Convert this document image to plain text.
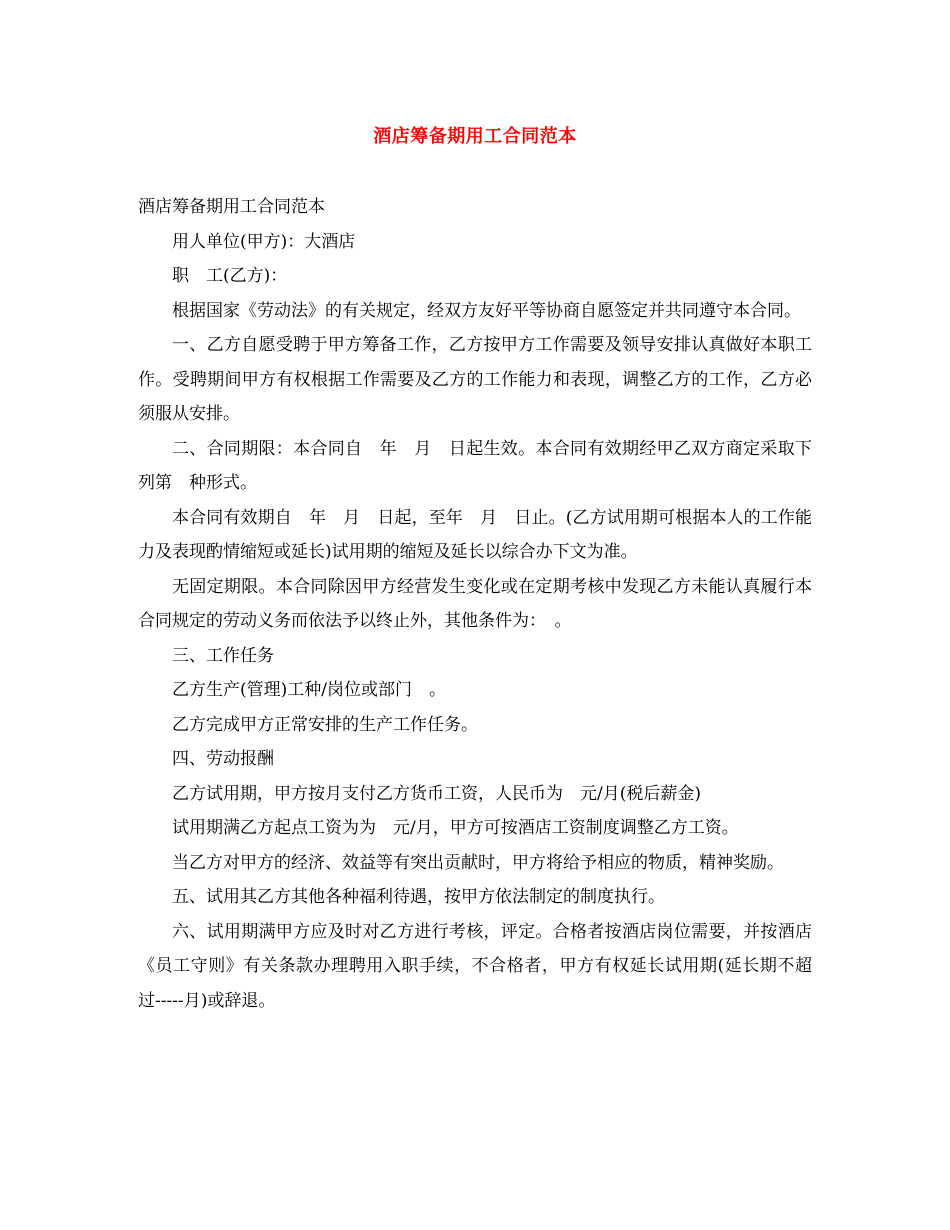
酒店筹备期用工合同范本

酒店筹备期用工合同范本

用人单位(甲方)：大酒店

职　工(乙方)：

根据国家《劳动法》的有关规定，经双方友好平等协商自愿签定并共同遵守本合同。

一、乙方自愿受聘于甲方筹备工作，乙方按甲方工作需要及领导安排认真做好本职工作。受聘期间甲方有权根据工作需要及乙方的工作能力和表现，调整乙方的工作，乙方必须服从安排。

二、合同期限：本合同自　年　月　日起生效。本合同有效期经甲乙双方商定采取下列第　种形式。

本合同有效期自　年　月　日起，至年　月　日止。(乙方试用期可根据本人的工作能力及表现酌情缩短或延长)试用期的缩短及延长以综合办下文为准。

无固定期限。本合同除因甲方经营发生变化或在定期考核中发现乙方未能认真履行本合同规定的劳动义务而依法予以终止外，其他条件为：　。

三、工作任务

乙方生产(管理)工种/岗位或部门　。

乙方完成甲方正常安排的生产工作任务。

四、劳动报酬

乙方试用期，甲方按月支付乙方货币工资，人民币为　元/月(税后薪金)

试用期满乙方起点工资为为　元/月，甲方可按酒店工资制度调整乙方工资。

当乙方对甲方的经济、效益等有突出贡献时，甲方将给予相应的物质，精神奖励。

五、试用其乙方其他各种福利待遇，按甲方依法制定的制度执行。

六、试用期满甲方应及时对乙方进行考核，评定。合格者按酒店岗位需要，并按酒店《员工守则》有关条款办理聘用入职手续，不合格者，甲方有权延长试用期(延长期不超过-----月)或辞退。
